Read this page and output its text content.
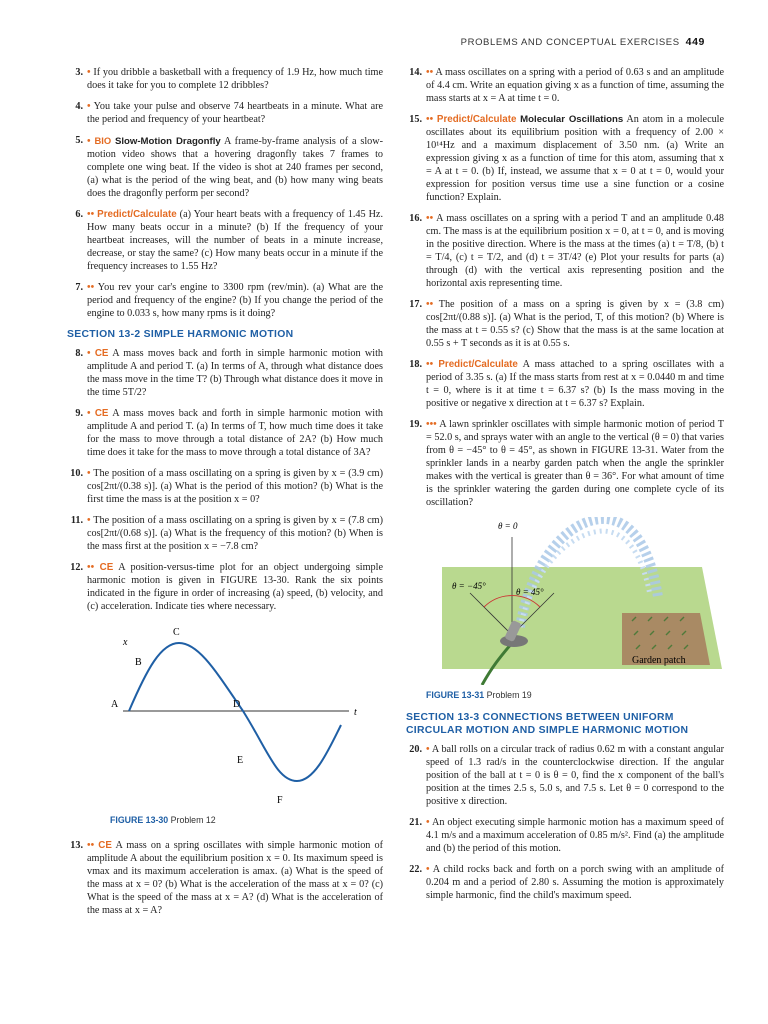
PROBLEMS AND CONCEPTUAL EXERCISES 449
3. • If you dribble a basketball with a frequency of 1.9 Hz, how much time does it take for you to complete 12 dribbles?
4. • You take your pulse and observe 74 heartbeats in a minute. What are the period and frequency of your heartbeat?
5. • BIO Slow-Motion Dragonfly A frame-by-frame analysis of a slow-motion video shows that a hovering dragonfly takes 7 frames to complete one wing beat. If the video is shot at 240 frames per second, (a) what is the period of the wing beat, and (b) how many wing beats does the dragonfly perform per second?
6. •• Predict/Calculate (a) Your heart beats with a frequency of 1.45 Hz. How many beats occur in a minute? (b) If the frequency of your heartbeat increases, will the number of beats in a minute increase, decrease, or stay the same? (c) How many beats occur in a minute if the frequency increases to 1.55 Hz?
7. •• You rev your car's engine to 3300 rpm (rev/min). (a) What are the period and frequency of the engine? (b) If you change the period of the engine to 0.033 s, how many rpms is it doing?
SECTION 13-2 SIMPLE HARMONIC MOTION
8. • CE A mass moves back and forth in simple harmonic motion with amplitude A and period T. (a) In terms of A, through what distance does the mass move in the time T? (b) Through what distance does it move in the time 5T/2?
9. • CE A mass moves back and forth in simple harmonic motion with amplitude A and period T. (a) In terms of T, how much time does it take for the mass to move through a total distance of 2A? (b) How much time does it take for the mass to move through a total distance of 3A?
10. • The position of a mass oscillating on a spring is given by x = (3.9 cm) cos[2πt/(0.38 s)]. (a) What is the period of this motion? (b) What is the first time the mass is at the position x = 0?
11. • The position of a mass oscillating on a spring is given by x = (7.8 cm) cos[2πt/(0.68 s)]. (a) What is the frequency of this motion? (b) When is the mass first at the position x = −7.8 cm?
12. •• CE A position-versus-time plot for an object undergoing simple harmonic motion is given in FIGURE 13-30. Rank the six points indicated in the figure in order of increasing (a) speed, (b) velocity, and (c) acceleration. Indicate ties where necessary.
x
t
A
B
C
D
E
F
FIGURE 13-30 Problem 12
13. •• CE A mass on a spring oscillates with simple harmonic motion of amplitude A about the equilibrium position x = 0. Its maximum speed is vmax and its maximum acceleration is amax. (a) What is the speed of the mass at x = 0? (b) What is the acceleration of the mass at x = 0? (c) What is the speed of the mass at x = A? (d) What is the acceleration of the mass at x = A?
14. •• A mass oscillates on a spring with a period of 0.63 s and an amplitude of 4.4 cm. Write an equation giving x as a function of time, assuming the mass starts at x = A at time t = 0.
15. •• Predict/Calculate Molecular Oscillations An atom in a molecule oscillates about its equilibrium position with a frequency of 2.00 × 10¹⁴Hz and a maximum displacement of 3.50 nm. (a) Write an expression giving x as a function of time for this atom, assuming that x = A at t = 0. (b) If, instead, we assume that x = 0 at t = 0, would your expression for position versus time use a sine function or a cosine function? Explain.
16. •• A mass oscillates on a spring with a period T and an amplitude 0.48 cm. The mass is at the equilibrium position x = 0, at t = 0, and is moving in the positive direction. Where is the mass at the times (a) t = T/8, (b) t = T/4, (c) t = T/2, and (d) t = 3T/4? (e) Plot your results for parts (a) through (d) with the vertical axis representing position and the horizontal axis representing time.
17. •• The position of a mass on a spring is given by x = (3.8 cm) cos[2πt/(0.88 s)]. (a) What is the period, T, of this motion? (b) Where is the mass at t = 0.55 s? (c) Show that the mass is at the same location at 0.55 s + T seconds as it is at 0.55 s.
18. •• Predict/Calculate A mass attached to a spring oscillates with a period of 3.35 s. (a) If the mass starts from rest at x = 0.0440 m and time t = 0, where is it at time t = 6.37 s? (b) Is the mass moving in the positive or negative x direction at t = 6.37 s? Explain.
19. ••• A lawn sprinkler oscillates with simple harmonic motion of period T = 52.0 s, and sprays water with an angle to the vertical (θ = 0) that varies from θ = −45° to θ = 45°, as shown in FIGURE 13-31. Water from the sprinkler lands in a nearby garden patch when the angle the sprinkler makes with the vertical is greater than θ = 36°. For what amount of time is the sprinkler watering the garden during one complete cycle of its oscillation?
θ = 0
θ = −45°
θ = 45°
Garden patch
FIGURE 13-31 Problem 19
SECTION 13-3 CONNECTIONS BETWEEN UNIFORM CIRCULAR MOTION AND SIMPLE HARMONIC MOTION
20. • A ball rolls on a circular track of radius 0.62 m with a constant angular speed of 1.3 rad/s in the counterclockwise direction. If the angular position of the ball at t = 0 is θ = 0, find the x component of the ball's position at the times 2.5 s, 5.0 s, and 7.5 s. Let θ = 0 correspond to the positive x direction.
21. • An object executing simple harmonic motion has a maximum speed of 4.1 m/s and a maximum acceleration of 0.85 m/s². Find (a) the amplitude and (b) the period of this motion.
22. • A child rocks back and forth on a porch swing with an amplitude of 0.204 m and a period of 2.80 s. Assuming the motion is approximately simple harmonic, find the child's maximum speed.
